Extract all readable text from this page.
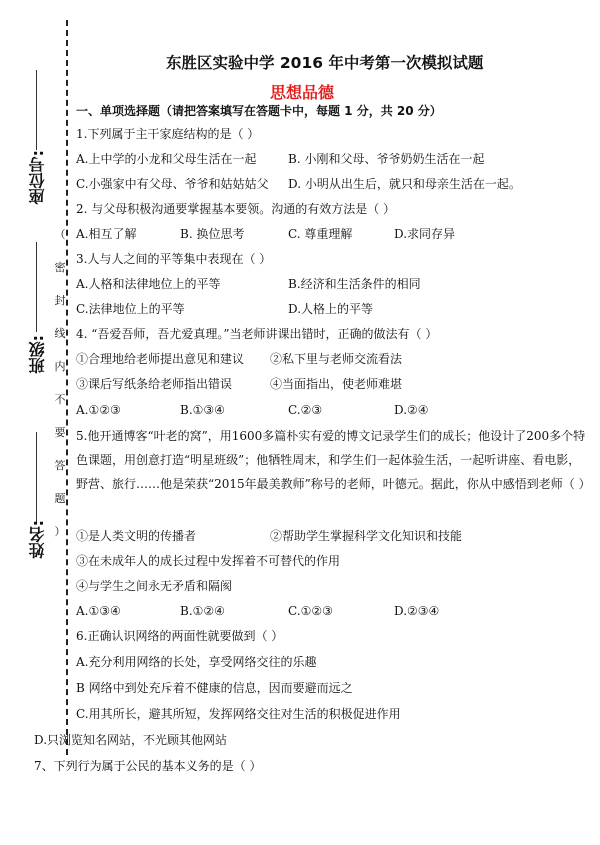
座位号:
班级:
姓名:
（
密
封
线
内
不
要
答
题
）
东胜区实验中学 2016 年中考第一次模拟试题
思想品德
一、单项选择题（请把答案填写在答题卡中，每题 1 分，共 20 分）
1.下列属于主干家庭结构的是（ ）
A.上中学的小龙和父母生活在一起	B. 小刚和父母、爷爷奶奶生活在一起
C.小强家中有父母、爷爷和姑姑姑父 D. 小明从出生后，就只和母亲生活在一起。
2. 与父母积极沟通要掌握基本要领。沟通的有效方法是（ ）
A.相互了解	B. 换位思考	C. 尊重理解	D.求同存异
3.人与人之间的平等集中表现在（ ）
A.人格和法律地位上的平等	B.经济和生活条件的相同
C.法律地位上的平等	D.人格上的平等
4. “吾爱吾师，吾尤爱真理。”当老师讲课出错时，正确的做法有（ ）
①合理地给老师提出意见和建议 ②私下里与老师交流看法
③课后写纸条给老师指出错误	④当面指出，使老师难堪
A.①②③	B.①③④	C.②③	D.②④
5.他开通博客“叶老的窝”，用1600多篇朴实有爱的博文记录学生们的成长；他设计了200多个特色课题，用创意打造“明星班级”；他牺牲周末，和学生们一起体验生活，一起听讲座、看电影，野营、旅行……他是荣获“2015年最美教师”称号的老师，叶德元。据此，你从中感悟到老师（ ）
①是人类文明的传播者	②帮助学生掌握科学文化知识和技能
③在未成年人的成长过程中发挥着不可替代的作用
④与学生之间永无矛盾和隔阂
A.①③④	B.①②④	C.①②③	D.②③④
6.正确认识网络的两面性就要做到（ ）
A.充分利用网络的长处，享受网络交往的乐趣
B 网络中到处充斥着不健康的信息，因而要避而远之
C.用其所长，避其所短，发挥网络交往对生活的积极促进作用
D.只浏览知名网站，不光顾其他网站
7、下列行为属于公民的基本义务的是（ ）
